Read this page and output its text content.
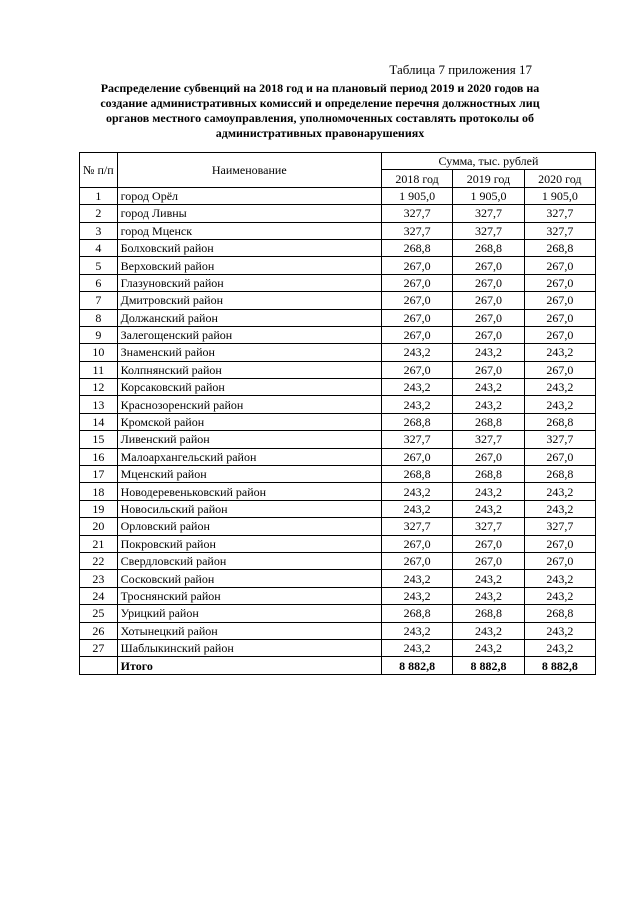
Таблица 7 приложения 17
Распределение субвенций на 2018 год и на плановый период 2019 и 2020 годов на создание административных комиссий и определение перечня должностных лиц органов местного самоуправления, уполномоченных составлять протоколы об административных правонарушениях
№ п/п	Наименование	Сумма, тыс. рублей		
		2018 год	2019 год	2020 год
1	город Орёл	1 905,0	1 905,0	1 905,0
2	город Ливны	327,7	327,7	327,7
3	город Мценск	327,7	327,7	327,7
4	Болховский район	268,8	268,8	268,8
5	Верховский район	267,0	267,0	267,0
6	Глазуновский район	267,0	267,0	267,0
7	Дмитровский район	267,0	267,0	267,0
8	Должанский район	267,0	267,0	267,0
9	Залегощенский район	267,0	267,0	267,0
10	Знаменский район	243,2	243,2	243,2
11	Колпнянский район	267,0	267,0	267,0
12	Корсаковский район	243,2	243,2	243,2
13	Краснозоренский район	243,2	243,2	243,2
14	Кромской район	268,8	268,8	268,8
15	Ливенский район	327,7	327,7	327,7
16	Малоархангельский район	267,0	267,0	267,0
17	Мценский район	268,8	268,8	268,8
18	Новодеревеньковский район	243,2	243,2	243,2
19	Новосильский район	243,2	243,2	243,2
20	Орловский район	327,7	327,7	327,7
21	Покровский район	267,0	267,0	267,0
22	Свердловский район	267,0	267,0	267,0
23	Сосковский район	243,2	243,2	243,2
24	Троснянский район	243,2	243,2	243,2
25	Урицкий район	268,8	268,8	268,8
26	Хотынецкий район	243,2	243,2	243,2
27	Шаблыкинский район	243,2	243,2	243,2
	Итого	8 882,8	8 882,8	8 882,8
